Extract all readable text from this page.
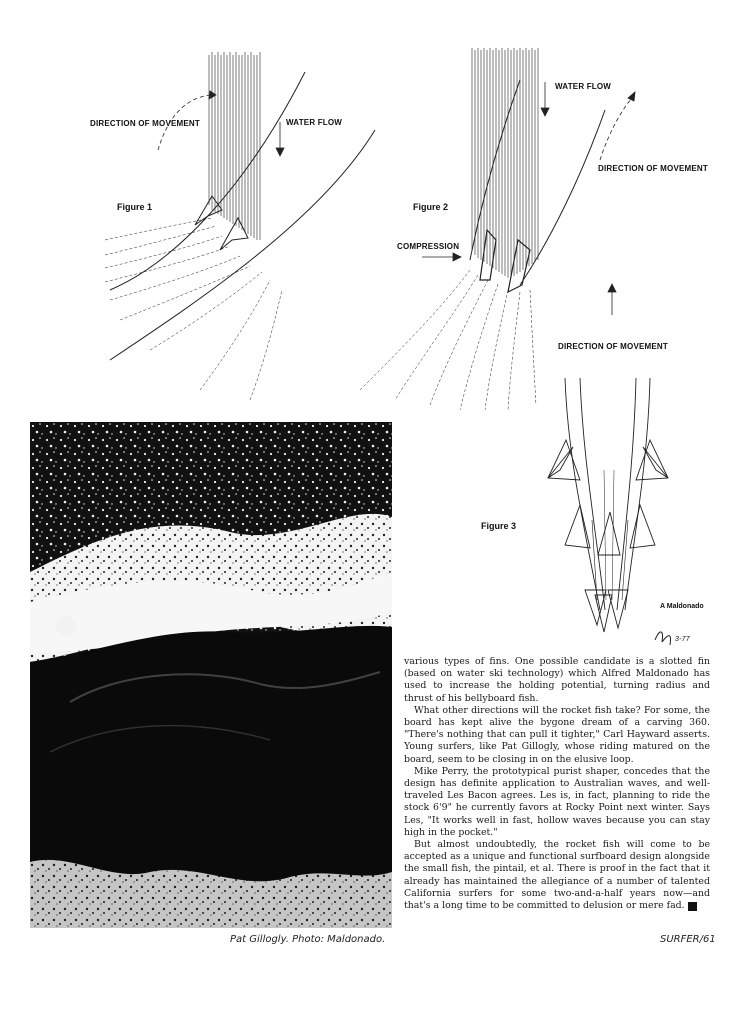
DIRECTION OF MOVEMENT	WATER FLOW
Figure 1
WATER FLOW
DIRECTION OF MOVEMENT
Figure 2
COMPRESSION
DIRECTION OF MOVEMENT
Figure 3
A Maldonado
3-77

various types of fins. One possible candidate is a slotted fin (based on water ski technology) which Alfred Maldonado has used to increase the holding potential, turning radius and thrust of his bellyboard fish.

What other directions will the rocket fish take? For some, the board has kept alive the bygone dream of a carving 360. "There's nothing that can pull it tighter," Carl Hayward asserts. Young surfers, like Pat Gillogly, whose riding matured on the board, seem to be closing in on the elusive loop.

Mike Perry, the prototypical purist shaper, concedes that the design has definite application to Australian waves, and well-traveled Les Bacon agrees. Les is, in fact, planning to ride the stock 6'9" he currently favors at Rocky Point next winter. Says Les, "It works well in fast, hollow waves because you can stay high in the pocket."

But almost undoubtedly, the rocket fish will come to be accepted as a unique and functional surfboard design alongside the small fish, the pintail, et al. There is proof in the fact that it already has maintained the allegiance of a number of talented California surfers for some two-and-a-half years now—and that's a long time to be committed to delusion or mere fad. S

Pat Gillogly. Photo: Maldonado.	SURFER/61
